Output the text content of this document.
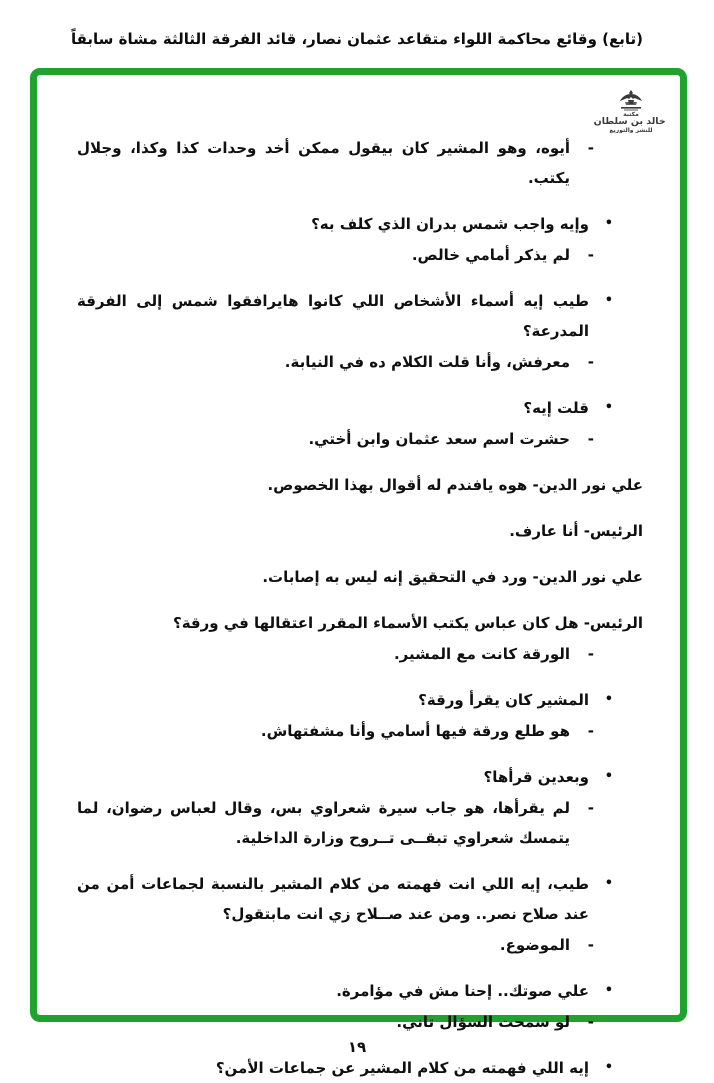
(تابع) وقائع محاكمة اللواء متقاعد عثمان نصار، قائد الفرقة الثالثة مشاة سابقاً
مكتبة
خالد بن سلطان
للنشر والتوزيع
-
أيوه، وهو المشير كان بيقول ممكن أخد وحدات كذا وكذا، وجلال يكتب.
•
وإيه واجب شمس بدران الذي كلف به؟
-
لم يذكر أمامي خالص.
•
طيب إيه أسماء الأشخاص اللي كانوا هايرافقوا شمس إلى الفرقة المدرعة؟
-
معرفش، وأنا قلت الكلام ده في النيابة.
•
قلت إيه؟
-
حشرت اسم سعد عثمان وابن أختي.
علي نور الدين- هوه يافندم له أقوال بهذا الخصوص.
الرئيس- أنا عارف.
علي نور الدين- ورد في التحقيق إنه ليس به إصابات.
الرئيس- هل كان عباس يكتب الأسماء المقرر اعتقالها في ورقة؟
-
الورقة كانت مع المشير.
•
المشير كان يقرأ ورقة؟
-
هو طلع ورقة فيها أسامي وأنا مشفتهاش.
•
وبعدين قرأها؟
-
لم يقرأها، هو جاب سيرة شعراوي بس، وقال لعباس رضوان، لما يتمسك شعراوي تبقــى تــروح وزارة الداخلية.
•
طيب، إيه اللي انت فهمته من كلام المشير بالنسبة لجماعات أمن من عند صلاح نصر.. ومن عند صــلاح زي انت مابتقول؟
-
الموضوع.
•
علي صوتك.. إحنا مش في مؤامرة.
-
لو سمحت السؤال تاني.
•
إيه اللي فهمته من كلام المشير عن جماعات الأمن؟
١٩
